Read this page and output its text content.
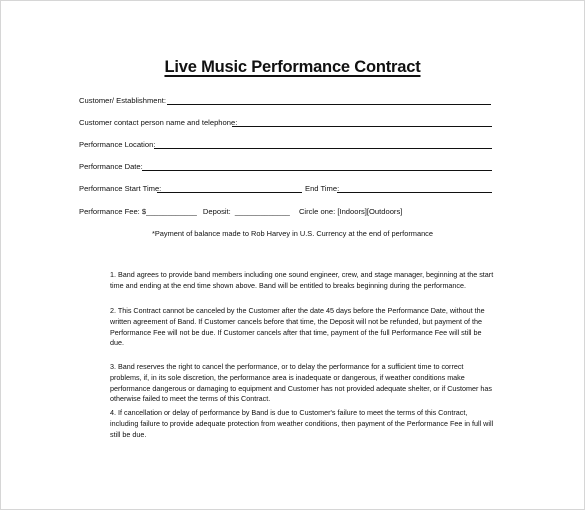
Live Music Performance Contract
Customer/ Establishment:
Customer contact person name and telephone:
Performance Location:
Performance Date:
Performance Start Time:	End Time:
Performance Fee: $____________ Deposit: _____________ Circle one: [Indoors][Outdoors]
*Payment of balance made to Rob Harvey in U.S. Currency at the end of performance
1. Band agrees to provide band members including one sound engineer, crew, and stage manager, beginning at the start time and ending at the end time shown above. Band will be entitled to breaks beginning during the performance.
2. This Contract cannot be canceled by the Customer after the date 45 days before the Performance Date, without the written agreement of Band. If Customer cancels before that time, the Deposit will not be refunded, but payment of the Performance Fee will not be due. If Customer cancels after that time, payment of the full Performance Fee will still be due.
3. Band reserves the right to cancel the performance, or to delay the performance for a sufficient time to correct problems, if, in its sole discretion, the performance area is inadequate or dangerous, if weather conditions make performance dangerous or damaging to equipment and Customer has not provided adequate shelter, or if Customer has otherwise failed to meet the terms of this Contract.
4. If cancellation or delay of performance by Band is due to Customer's failure to meet the terms of this Contract, including failure to provide adequate protection from weather conditions, then payment of the Performance Fee in full will still be due.
